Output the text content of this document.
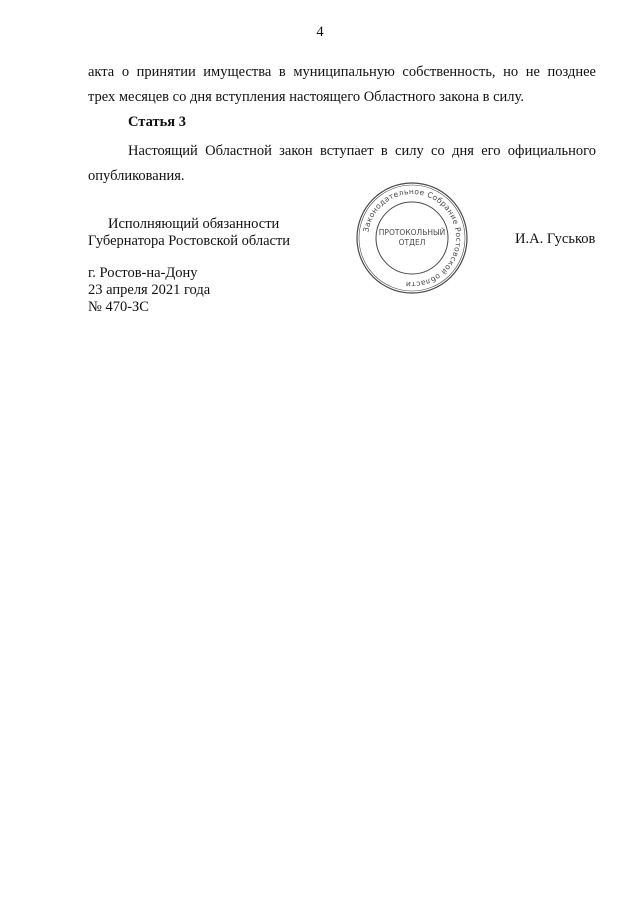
4
акта о принятии имущества в муниципальную собственность, но не позднее
трех месяцев со дня вступления настоящего Областного закона в силу.
Статья 3
Настоящий Областной закон вступает в силу со дня его официального
опубликования.
Исполняющий обязанности
Губернатора Ростовской области
Законодательное Собрание Ростовской области
ПРОТОКОЛЬНЫЙ
ОТДЕЛ	И.А. Гуськов
г. Ростов-на-Дону
23 апреля 2021 года
№ 470-ЗС
